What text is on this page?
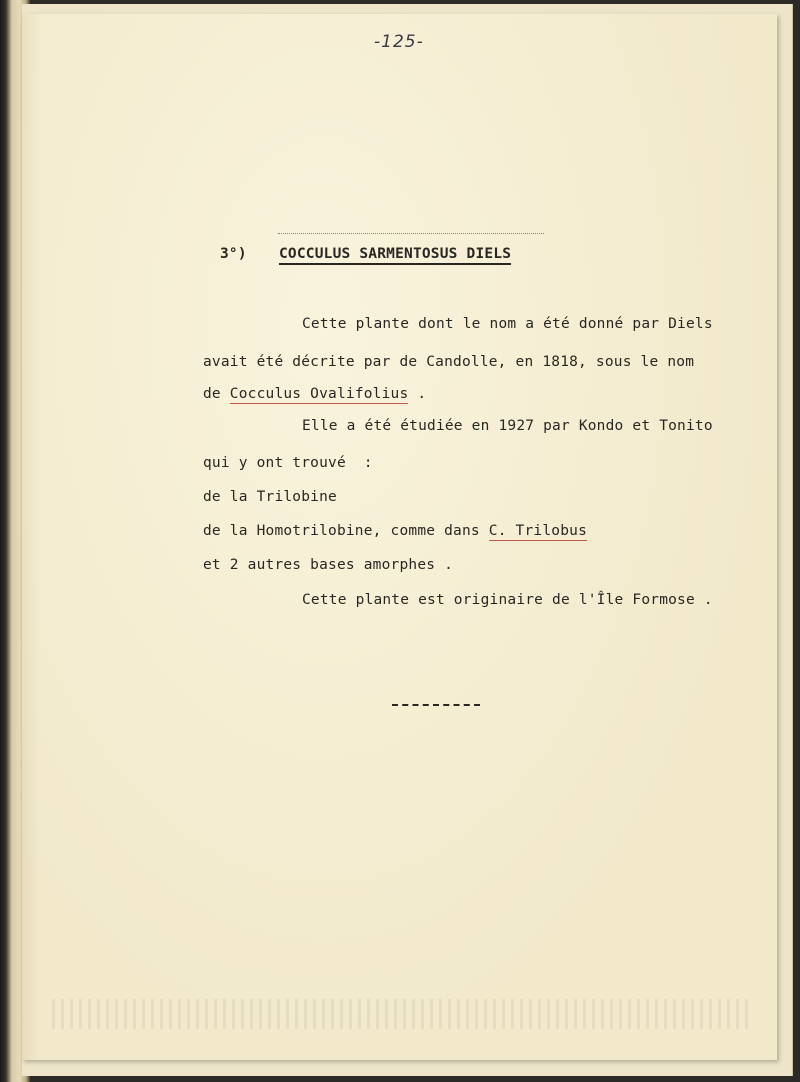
-125-
3°) COCCULUS SARMENTOSUS DIELS
Cette plante dont le nom a été donné par Diels
avait été décrite par de Candolle, en 1818, sous le nom
de Cocculus Ovalifolius .
Elle a été étudiée en 1927 par Kondo et Tonito
qui y ont trouvé  :
de la Trilobine
de la Homotrilobine, comme dans C. Trilobus
et 2 autres bases amorphes .
Cette plante est originaire de l'Île Formose .
